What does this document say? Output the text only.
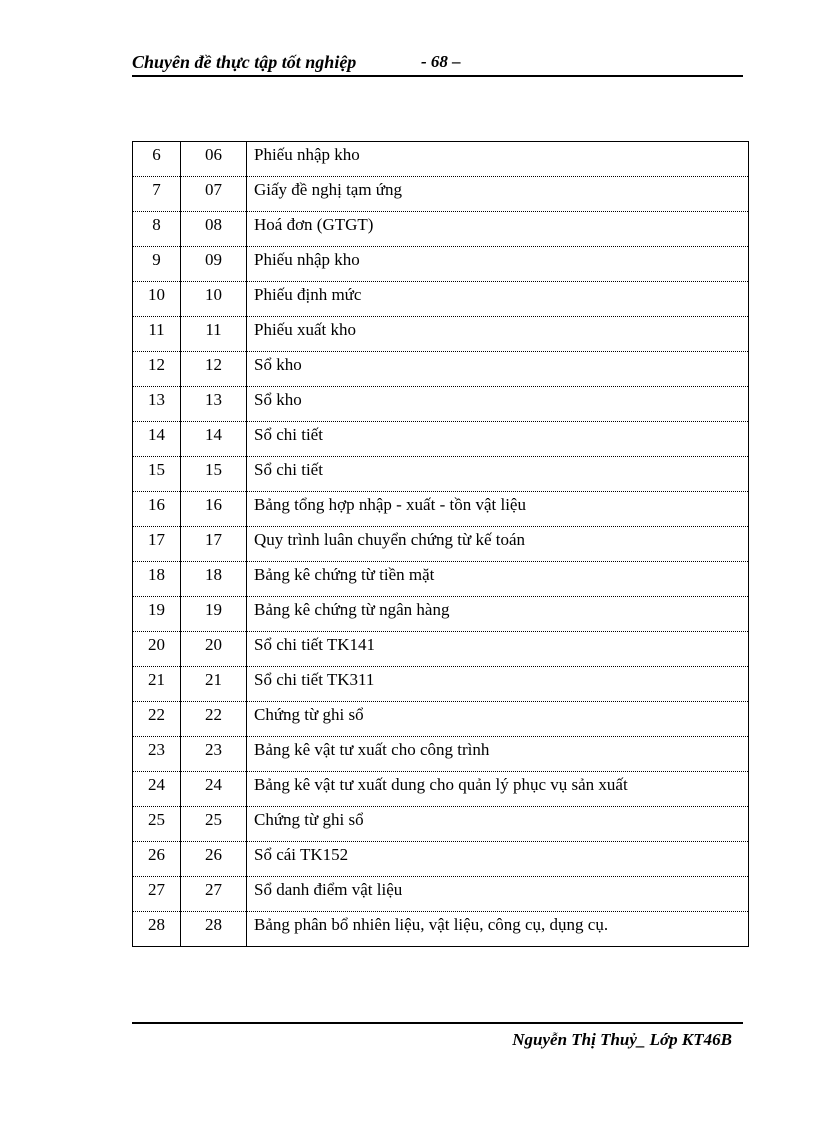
Chuyên đề thực tập tốt nghiệp	- 68 –
6	06	Phiếu nhập kho
7	07	Giấy đề nghị tạm ứng
8	08	Hoá đơn (GTGT)
9	09	Phiếu nhập kho
10	10	Phiếu định mức
11	11	Phiếu xuất kho
12	12	Sổ kho
13	13	Sổ kho
14	14	Sổ chi tiết
15	15	Sổ chi tiết
16	16	Bảng tổng hợp nhập - xuất - tồn vật liệu
17	17	Quy trình luân chuyển chứng từ kế toán
18	18	Bảng kê chứng từ tiền mặt
19	19	Bảng kê chứng từ ngân hàng
20	20	Sổ chi tiết TK141
21	21	Sổ chi tiết TK311
22	22	Chứng từ ghi sổ
23	23	Bảng kê vật tư xuất cho công trình
24	24	Bảng kê vật tư xuất dung cho quản lý phục vụ sản xuất
25	25	Chứng từ ghi sổ
26	26	Sổ cái TK152
27	27	Sổ danh điểm vật liệu
28	28	Bảng phân bổ nhiên liệu, vật liệu, công cụ, dụng cụ.
Nguyễn Thị Thuỷ_ Lớp KT46B
